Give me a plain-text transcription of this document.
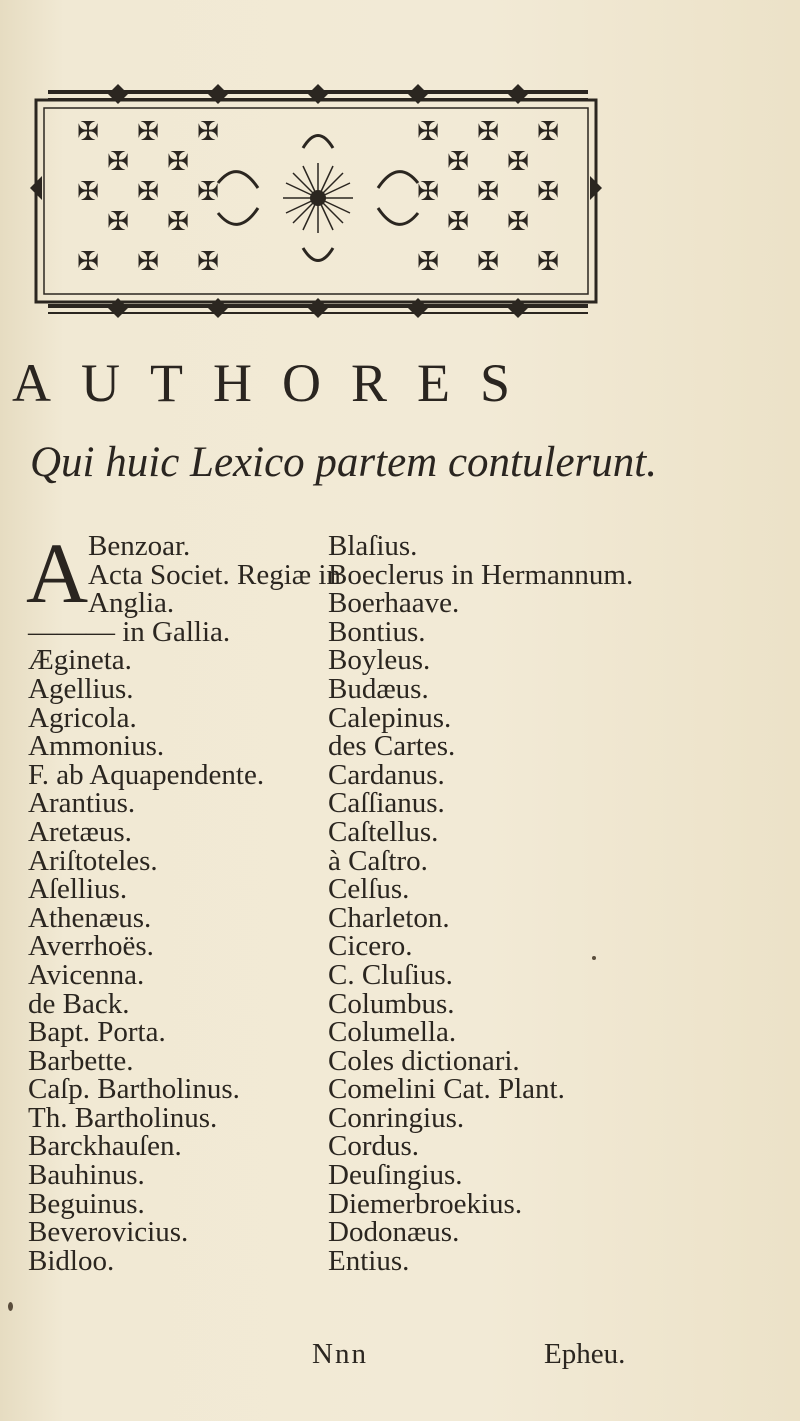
✠ ✠ ✠	✠ ✠ ✠
✠ ✠	✠ ✠
✠ ✠ ✠	✠ ✠ ✠
✠ ✠	✠ ✠
✠ ✠ ✠	✠ ✠ ✠
AUTHORES
Qui huic Lexico partem contulerunt.
A Benzoar.
Acta Societ. Regiæ in
Anglia.
——— in Gallia.
Ægineta.
Agellius.
Agricola.
Ammonius.
F. ab Aquapendente.
Arantius.
Aretæus.
Ariſtoteles.
Aſellius.
Athenæus.
Averrhoës.
Avicenna.
de Back.
Bapt. Porta.
Barbette.
Caſp. Bartholinus.
Th. Bartholinus.
Barckhauſen.
Bauhinus.
Beguinus.
Beverovicius.
Bidloo.
Blaſius.
Boeclerus in Hermannum.
Boerhaave.
Bontius.
Boyleus.
Budæus.
Calepinus.
des Cartes.
Cardanus.
Caſſianus.
Caſtellus.
à Caſtro.
Celſus.
Charleton.
Cicero.
C. Cluſius.
Columbus.
Columella.
Coles dictionari.
Comelini Cat. Plant.
Conringius.
Cordus.
Deuſingius.
Diemerbroekius.
Dodonæus.
Entius.
Nnn	Epheu.
